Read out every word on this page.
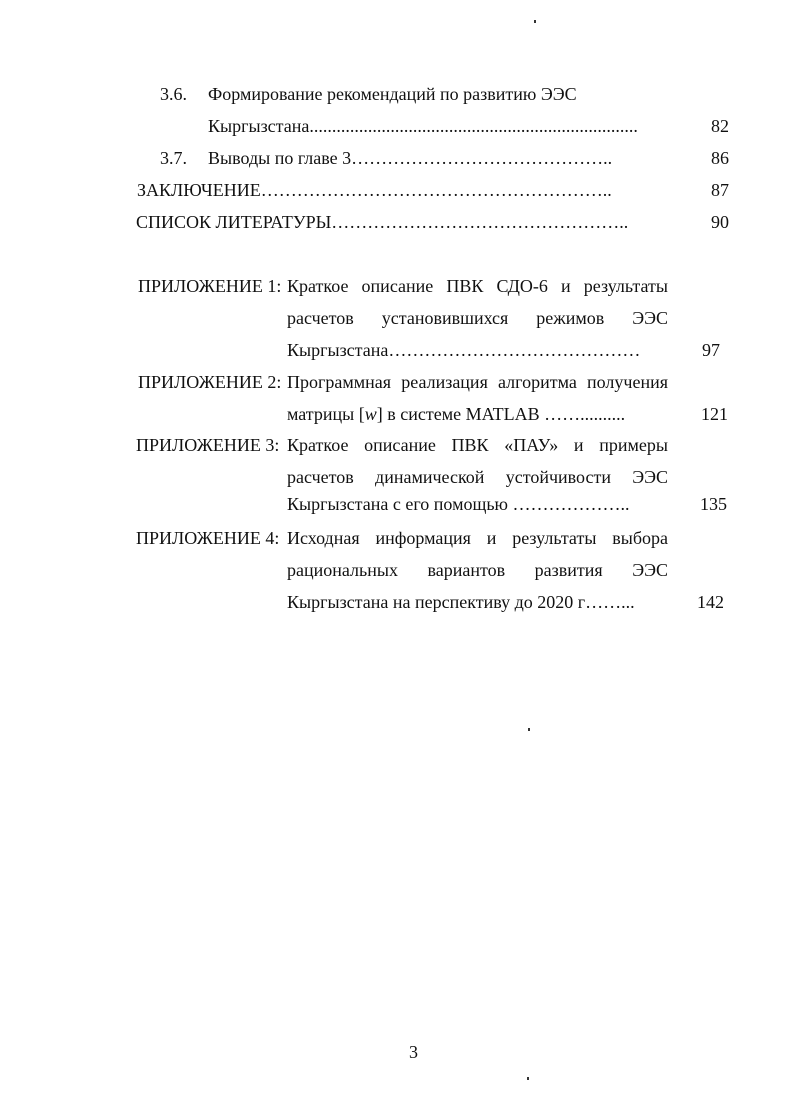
3.6. Формирование рекомендаций по развитию ЭЭС
Кыргызстана.........................................................................	82
3.7. Выводы по главе 3……………………………………..	86
ЗАКЛЮЧЕНИЕ…………………………………………………..	87
СПИСОК ЛИТЕРАТУРЫ…………………………………………..	90
ПРИЛОЖЕНИЕ 1: Краткое описание ПВК СДО-6 и результаты
расчетов установившихся режимов ЭЭС
Кыргызстана……………………………………	97
ПРИЛОЖЕНИЕ 2: Программная реализация алгоритма получения
матрицы [w] в системе MATLAB ……..........	121
ПРИЛОЖЕНИЕ 3: Краткое описание ПВК «ПАУ» и примеры
расчетов динамической устойчивости ЭЭС
Кыргызстана с его помощью ………………..	135
ПРИЛОЖЕНИЕ 4: Исходная информация и результаты выбора
рациональных вариантов развития ЭЭС
Кыргызстана на перспективу до 2020 г……...	142
3
